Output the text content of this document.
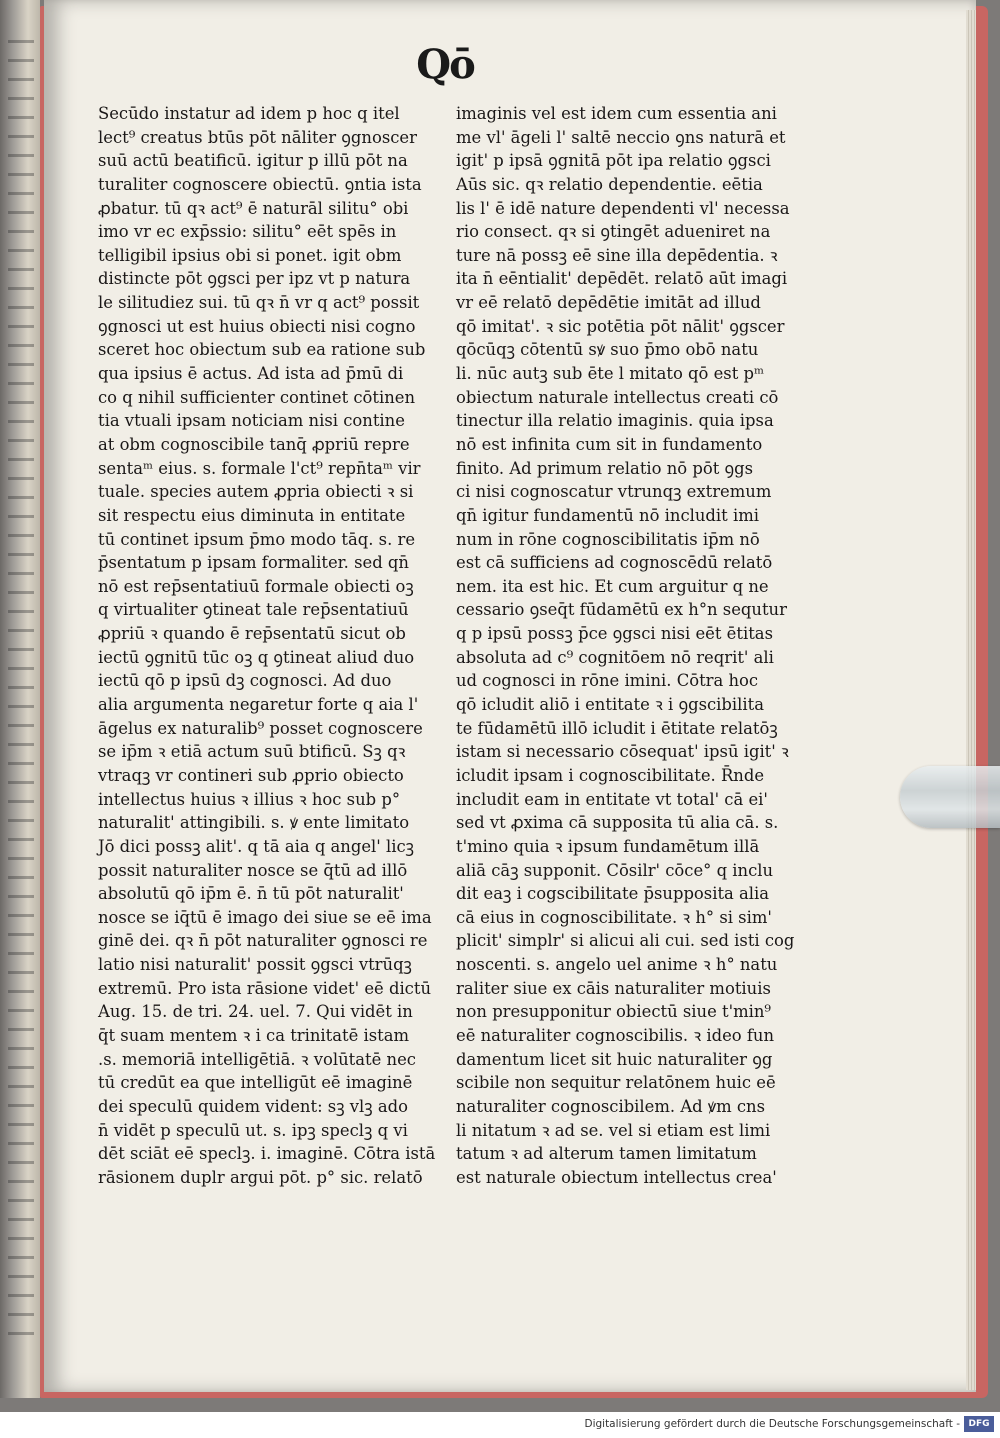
Qō
Secūdo instatur ad idem p hoc q itel
lect⁹ creatus btūs pōt nāliter ꝯgnoscer
suū actū beatificū. igitur p illū pōt na
turaliter cognoscere obiectū. ꝯntia ista
ꝓbatur. tū qꝛ act⁹ ē naturāl silitu° obi
imo vr ec exp̄ssio: silitu° eēt spēs in
telligibil ipsius obi si ponet. igit obm
distincte pōt ꝯgsci per ipz vt p natura
le silitudiez sui. tū qꝛ n̄ vr q act⁹ possit
ꝯgnosci ut est huius obiecti nisi cogno
sceret hoc obiectum sub ea ratione sub
qua ipsius ē actus. Ad ista ad p̄mū di
co q nihil sufficienter continet cōtinen
tia vtuali ipsam noticiam nisi contine
at obm cognoscibile tanq̄ ꝓpriū repre
sentaᵐ eius. s. formale l'ct⁹ repn̄taᵐ vir
tuale. species autem ꝓpria obiecti ꝛ si
sit respectu eius diminuta in entitate
tū continet ipsum p̄mo modo tāq. s. re
p̄sentatum p ipsam formaliter. sed qn̄
nō est rep̄sentatiuū formale obiecti oꝫ
q virtualiter ꝯtineat tale rep̄sentatiuū
ꝓpriū ꝛ quando ē rep̄sentatū sicut ob
iectū ꝯgnitū tūc oꝫ q ꝯtineat aliud duo
iectū qō p ipsū dꝫ cognosci. Ad duo
alia argumenta negaretur forte q aia l'
āgelus ex naturalib⁹ posset cognoscere
se ip̄m ꝛ etiā actum suū btificū. Sꝫ qꝛ
vtraqꝫ vr contineri sub ꝓprio obiecto
intellectus huius ꝛ illius ꝛ hoc sub p°
naturalit' attingibili. s. ꝟ ente limitato
Jō dici possꝫ alit'. q tā aia q angel' licꝫ
possit naturaliter nosce se q̄tū ad illō
absolutū qō ip̄m ē. n̄ tū pōt naturalit'
nosce se iq̄tū ē imago dei siue se eē ima
ginē dei. qꝛ n̄ pōt naturaliter ꝯgnosci re
latio nisi naturalit' possit ꝯgsci vtrūqꝫ
extremū. Pro ista rāsione videt' eē dictū
Aug. 15. de tri. 24. uel. 7. Qui vidēt in
q̄t suam mentem ꝛ i ca trinitatē istam
.s. memoriā intelligētiā. ꝛ volūtatē nec
tū credūt ea que intelligūt eē imaginē
dei speculū quidem vident: sꝫ vlꝫ ado
n̄ vidēt p speculū ut. s. ipꝫ speclꝫ q vi
dēt sciāt eē speclꝫ. i. imaginē. Cōtra istā
rāsionem duplr argui pōt. p° sic. relatō
imaginis vel est idem cum essentia ani
me vl' āgeli l' saltē neccio ꝯns naturā et
igit' p ipsā ꝯgnitā pōt ipa relatio ꝯgsci
Aūs sic. qꝛ relatio dependentie. eētia
lis l' ē idē nature dependenti vl' necessa
rio consect. qꝛ si ꝯtingēt adueniret na
ture nā possꝫ eē sine illa depēdentia. ꝛ
ita n̄ eēntialit' depēdēt. relatō aūt imagi
vr eē relatō depēdētie imitāt ad illud
qō imitat'. ꝛ sic potētia pōt nālit' ꝯgscer
qōcūqꝫ cōtentū sꝟ suo p̄mo obō natu
li. nūc autꝫ sub ēte l mitato qō est pᵐ
obiectum naturale intellectus creati cō
tinectur illa relatio imaginis. quia ipsa
nō est infinita cum sit in fundamento
finito. Ad primum relatio nō pōt ꝯgs
ci nisi cognoscatur vtrunqꝫ extremum
qn̄ igitur fundamentū nō includit imi
num in rōne cognoscibilitatis ip̄m nō
est cā sufficiens ad cognoscēdū relatō
nem. ita est hic. Et cum arguitur q ne
cessario ꝯseq̄t fūdamētū ex h°n sequtur
q p ipsū possꝫ p̄ce ꝯgsci nisi eēt ētitas
absoluta ad c⁹ cognitōem nō reqrit' ali
ud cognosci in rōne imini. Cōtra hoc
qō icludit aliō i entitate ꝛ i ꝯgscibilita
te fūdamētū illō icludit i ētitate relatōꝫ
istam si necessario cōsequat' ipsū igit' ꝛ
icludit ipsam i cognoscibilitate. R̄nde
includit eam in entitate vt total' cā ei'
sed vt ꝓxima cā supposita tū alia cā. s.
t'mino quia ꝛ ipsum fundamētum illā
aliā cāꝫ supponit. Cōsilr' cōce° q inclu
dit eaꝫ i cogscibilitate p̄supposita alia
cā eius in cognoscibilitate. ꝛ h° si sim'
plicit' simplr' si alicui ali cui. sed isti cog
noscenti. s. angelo uel anime ꝛ h° natu
raliter siue ex cāis naturaliter motiuis
non presupponitur obiectū siue t'min⁹
eē naturaliter cognoscibilis. ꝛ ideo fun
damentum licet sit huic naturaliter ꝯg
scibile non sequitur relatōnem huic eē
naturaliter cognoscibilem. Ad ꝟm cns
li nitatum ꝛ ad se. vel si etiam est limi
tatum ꝛ ad alterum tamen limitatum
est naturale obiectum intellectus crea'
Digitalisierung gefördert durch die Deutsche Forschungsgemeinschaft - DFG
